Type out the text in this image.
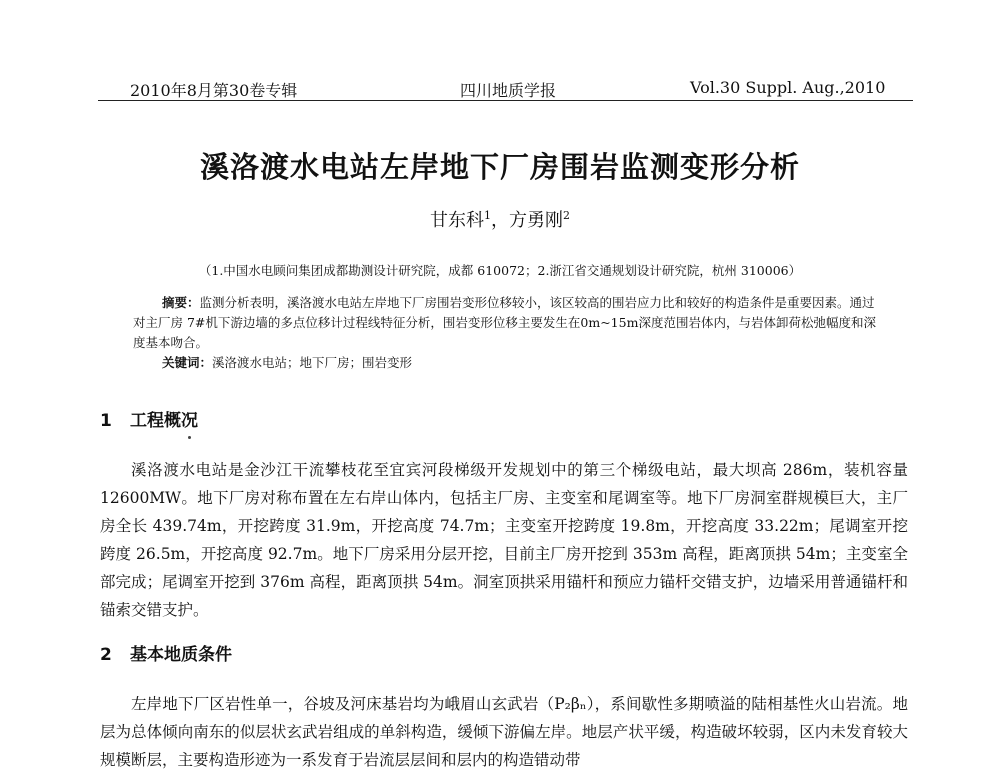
2010年8月第30卷专辑	四川地质学报	Vol.30 Suppl. Aug.,2010
溪洛渡水电站左岸地下厂房围岩监测变形分析
甘东科$^1$，方勇刚$^2$
（1.中国水电顾问集团成都勘测设计研究院，成都 610072；2.浙江省交通规划设计研究院，杭州 310006）

摘要：监测分析表明，溪洛渡水电站左岸地下厂房围岩变形位移较小，该区较高的围岩应力比和较好的构造条件是重要因素。通过对主厂房 7#机下游边墙的多点位移计过程线特征分析，围岩变形位移主要发生在0m~15m深度范围岩体内，与岩体卸荷松弛幅度和深度基本吻合。

关键词：溪洛渡水电站；地下厂房；围岩变形

1 工程概况

溪洛渡水电站是金沙江干流攀枝花至宜宾河段梯级开发规划中的第三个梯级电站，最大坝高 286m，装机容量 12600MW。地下厂房对称布置在左右岸山体内，包括主厂房、主变室和尾调室等。地下厂房洞室群规模巨大，主厂房全长 439.74m，开挖跨度 31.9m，开挖高度 74.7m；主变室开挖跨度 19.8m，开挖高度 33.22m；尾调室开挖跨度 26.5m，开挖高度 92.7m。地下厂房采用分层开挖，目前主厂房开挖到 353m 高程，距离顶拱 54m；主变室全部完成；尾调室开挖到 376m 高程，距离顶拱 54m。洞室顶拱采用锚杆和预应力锚杆交错支护，边墙采用普通锚杆和锚索交错支护。

2 基本地质条件

左岸地下厂区岩性单一，谷坡及河床基岩均为峨眉山玄武岩（P₂βₙ），系间歇性多期喷溢的陆相基性火山岩流。地层为总体倾向南东的似层状玄武岩组成的单斜构造，缓倾下游偏左岸。地层产状平缓，构造破坏较弱，区内未发育较大规模断层，主要构造形迹为一系发育于岩流层层间和层内的构造错动带
